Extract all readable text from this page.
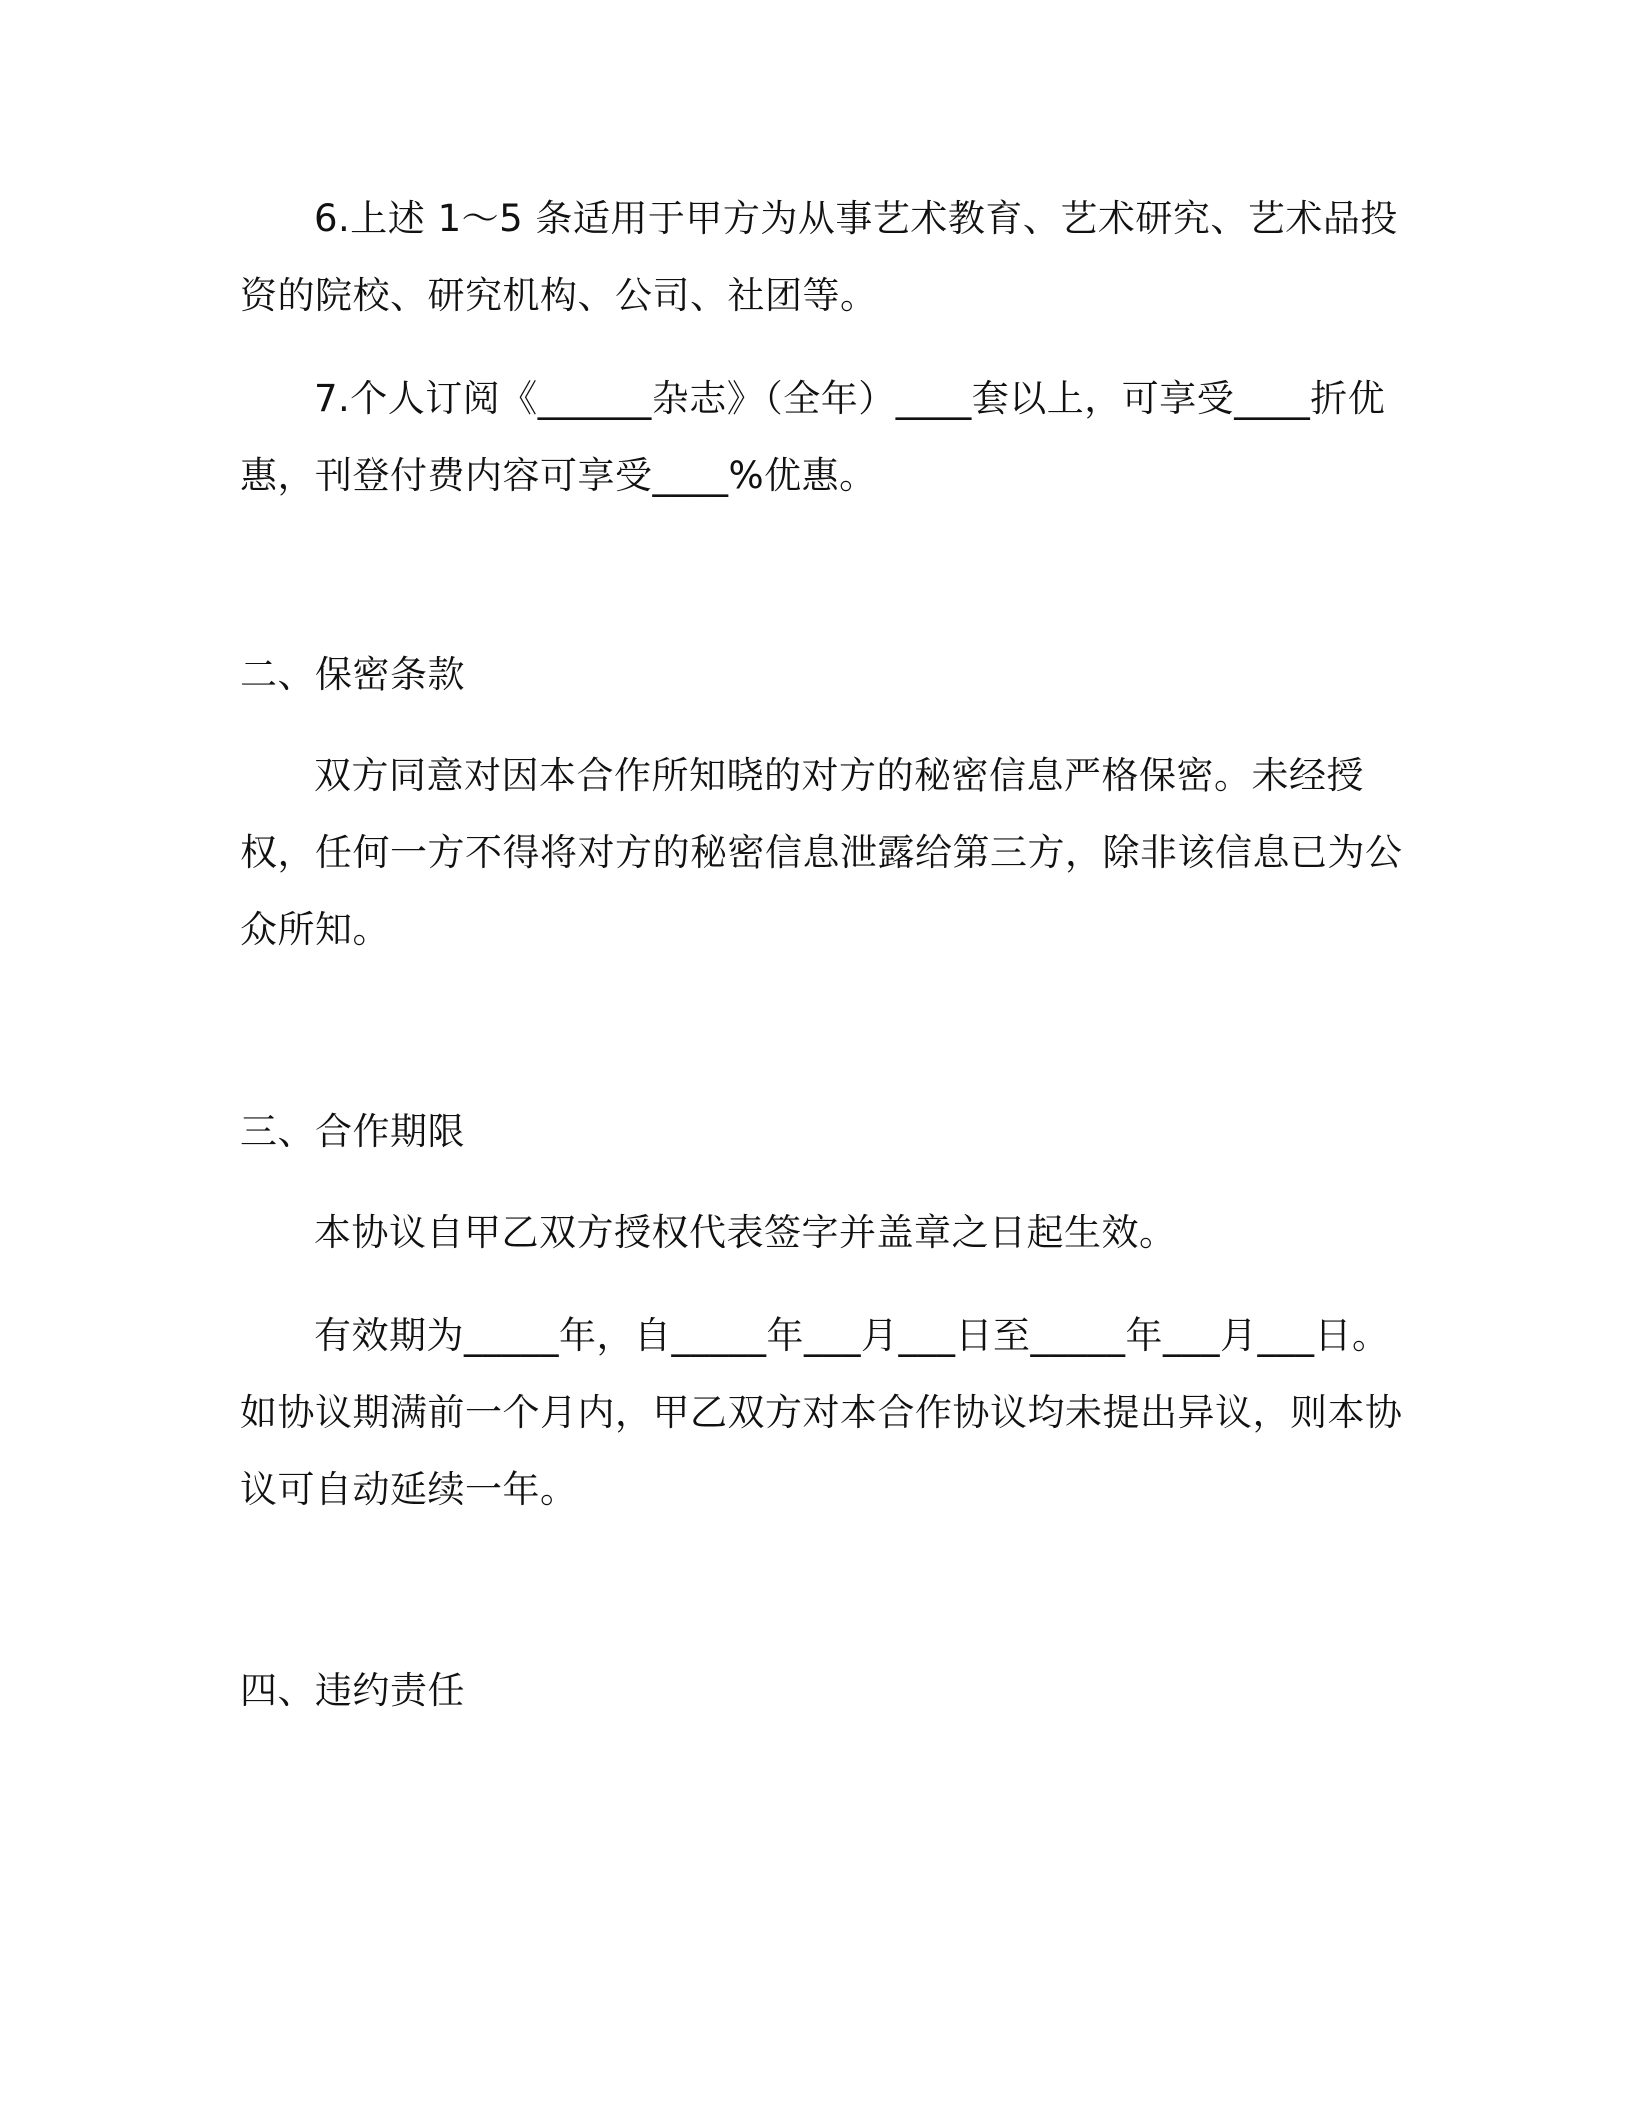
6.上述 1～5 条适用于甲方为从事艺术教育、艺术研究、艺术品投资的院校、研究机构、公司、社团等。

7.个人订阅《______杂志》（全年）____套以上，可享受____折优惠，刊登付费内容可享受____%优惠。

二、保密条款

双方同意对因本合作所知晓的对方的秘密信息严格保密。未经授权，任何一方不得将对方的秘密信息泄露给第三方，除非该信息已为公众所知。

三、合作期限

本协议自甲乙双方授权代表签字并盖章之日起生效。

有效期为_____年，自_____年___月___日至_____年___月___日。如协议期满前一个月内，甲乙双方对本合作协议均未提出异议，则本协议可自动延续一年。

四、违约责任
